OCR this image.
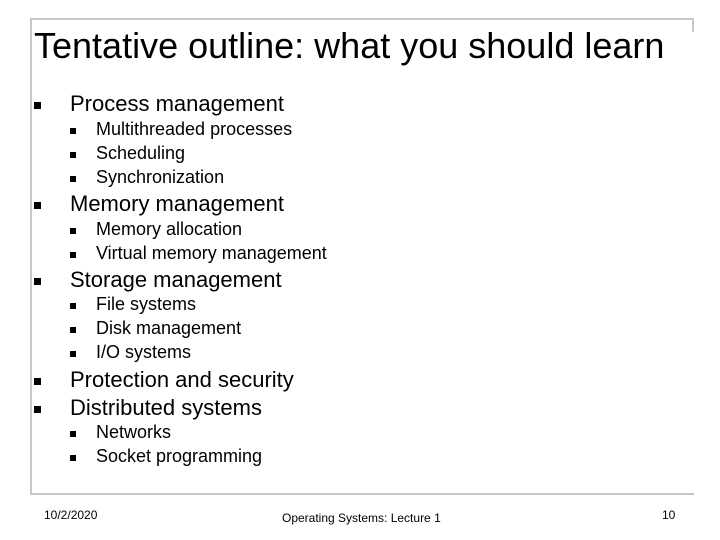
Tentative outline: what you should learn
Process management
Multithreaded processes
Scheduling
Synchronization
Memory management
Memory allocation
Virtual memory management
Storage management
File systems
Disk management
I/O systems
Protection and security
Distributed systems
Networks
Socket programming
10/2/2020	Operating Systems: Lecture 1	10
